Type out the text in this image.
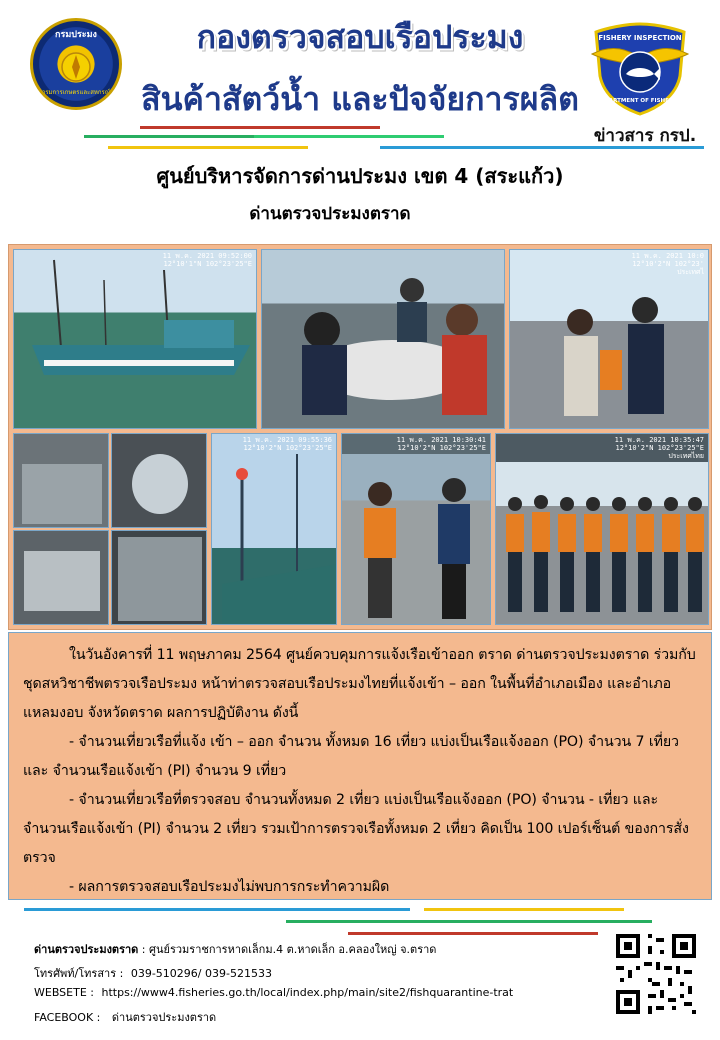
กรมประมง
กรมการเกษตรและสหกรณ์
กองตรวจสอบเรือประมง
สินค้าสัตว์น้ำ และปัจจัยการผลิต
FISHERY INSPECTION
DEPARTMENT OF FISHERIES
ข่าวสาร กรป.
ศูนย์บริหารจัดการด่านประมง เขต 4 (สระแก้ว)
ด่านตรวจประมงตราด
11 พ.ค. 2021 09:52:00
12°10'1"N 102°23'25"E
11 พ.ค. 2021 10:0
12°10'2"N 102°23'
ประเทศไ
11 พ.ค. 2021 09:55:36
12°10'2"N 102°23'25"E
11 พ.ค. 2021 10:30:41
12°10'2"N 102°23'25"E
11 พ.ค. 2021 10:35:47
12°10'2"N 102°23'25"E
ประเทศไทย

ในวันอังคารที่ 11 พฤษภาคม 2564 ศูนย์ควบคุมการแจ้งเรือเข้าออก ตราด ด่านตรวจประมงตราด ร่วมกับชุดสหวิชาชีพตรวจเรือประมง หน้าท่าตรวจสอบเรือประมงไทยที่แจ้งเข้า – ออก ในพื้นที่อำเภอเมือง และอำเภอแหลมงอบ จังหวัดตราด ผลการปฏิบัติงาน ดังนี้

- จำนวนเที่ยวเรือที่แจ้ง เข้า – ออก จำนวน ทั้งหมด 16 เที่ยว แบ่งเป็นเรือแจ้งออก (PO) จำนวน 7 เที่ยว และ จำนวนเรือแจ้งเข้า (PI) จำนวน 9 เที่ยว

- จำนวนเที่ยวเรือที่ตรวจสอบ จำนวนทั้งหมด 2 เที่ยว แบ่งเป็นเรือแจ้งออก (PO) จำนวน - เที่ยว และจำนวนเรือแจ้งเข้า (PI) จำนวน 2 เที่ยว รวมเป้าการตรวจเรือทั้งหมด 2 เที่ยว คิดเป็น 100 เปอร์เซ็นต์ ของการสั่งตรวจ

- ผลการตรวจสอบเรือประมงไม่พบการกระทำความผิด

ด่านตรวจประมงตราด : ศูนย์รวมราชการหาดเล็กม.4 ต.หาดเล็ก อ.คลองใหญ่ จ.ตราด
โทรศัพท์/โทรสาร : 039-510296/ 039-521533
WEBSETE : https://www4.fisheries.go.th/local/index.php/main/site2/fishquarantine-trat
FACEBOOK : ด่านตรวจประมงตราด
